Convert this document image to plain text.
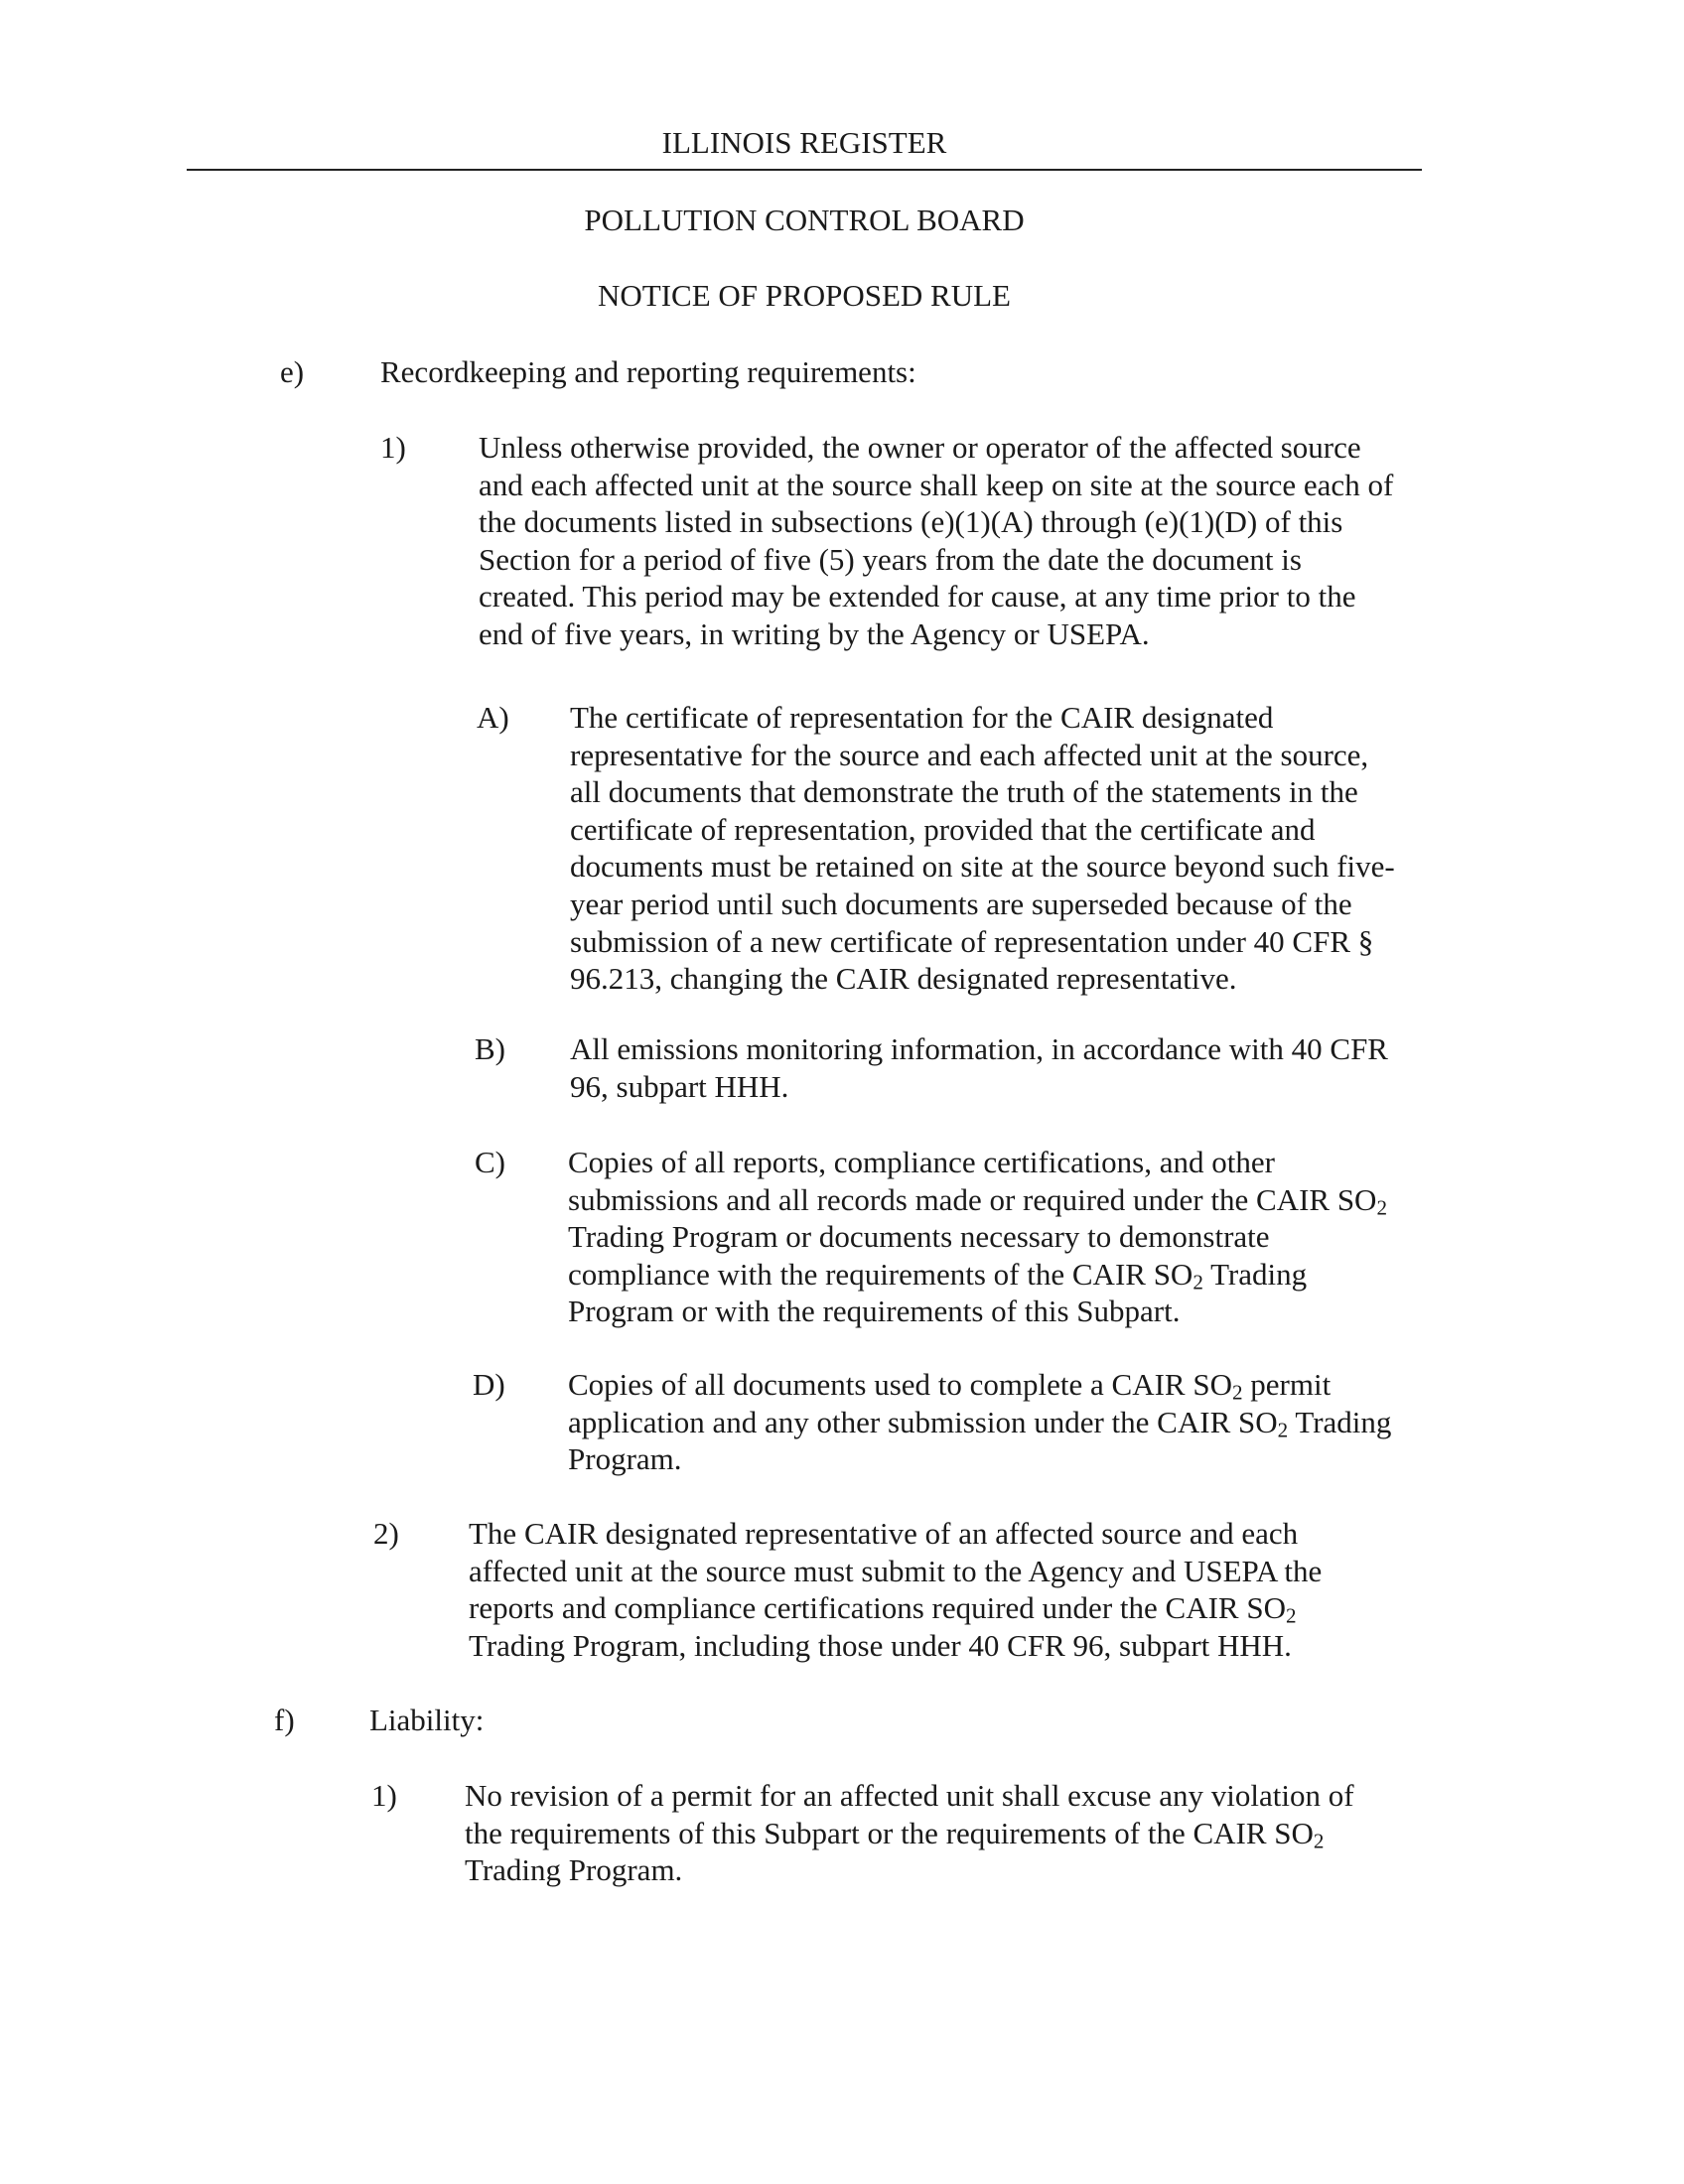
ILLINOIS REGISTER
POLLUTION CONTROL BOARD
NOTICE OF PROPOSED RULE
e) Recordkeeping and reporting requirements:
1) Unless otherwise provided, the owner or operator of the affected source
and each affected unit at the source shall keep on site at the source each of
the documents listed in subsections (e)(1)(A) through (e)(1)(D) of this
Section for a period of five (5) years from the date the document is
created. This period may be extended for cause, at any time prior to the
end of five years, in writing by the Agency or USEPA.
A) The certificate of representation for the CAIR designated
representative for the source and each affected unit at the source,
all documents that demonstrate the truth of the statements in the
certificate of representation, provided that the certificate and
documents must be retained on site at the source beyond such five-
year period until such documents are superseded because of the
submission of a new certificate of representation under 40 CFR §
96.213, changing the CAIR designated representative.
B) All emissions monitoring information, in accordance with 40 CFR
96, subpart HHH.
C) Copies of all reports, compliance certifications, and other
submissions and all records made or required under the CAIR $SO_2$
Trading Program or documents necessary to demonstrate
compliance with the requirements of the CAIR $SO_2$ Trading
Program or with the requirements of this Subpart.
D) Copies of all documents used to complete a CAIR $SO_2$ permit
application and any other submission under the CAIR $SO_2$ Trading
Program.
2) The CAIR designated representative of an affected source and each
affected unit at the source must submit to the Agency and USEPA the
reports and compliance certifications required under the CAIR $SO_2$
Trading Program, including those under 40 CFR 96, subpart HHH.
f) Liability:
1) No revision of a permit for an affected unit shall excuse any violation of
the requirements of this Subpart or the requirements of the CAIR $SO_2$
Trading Program.
